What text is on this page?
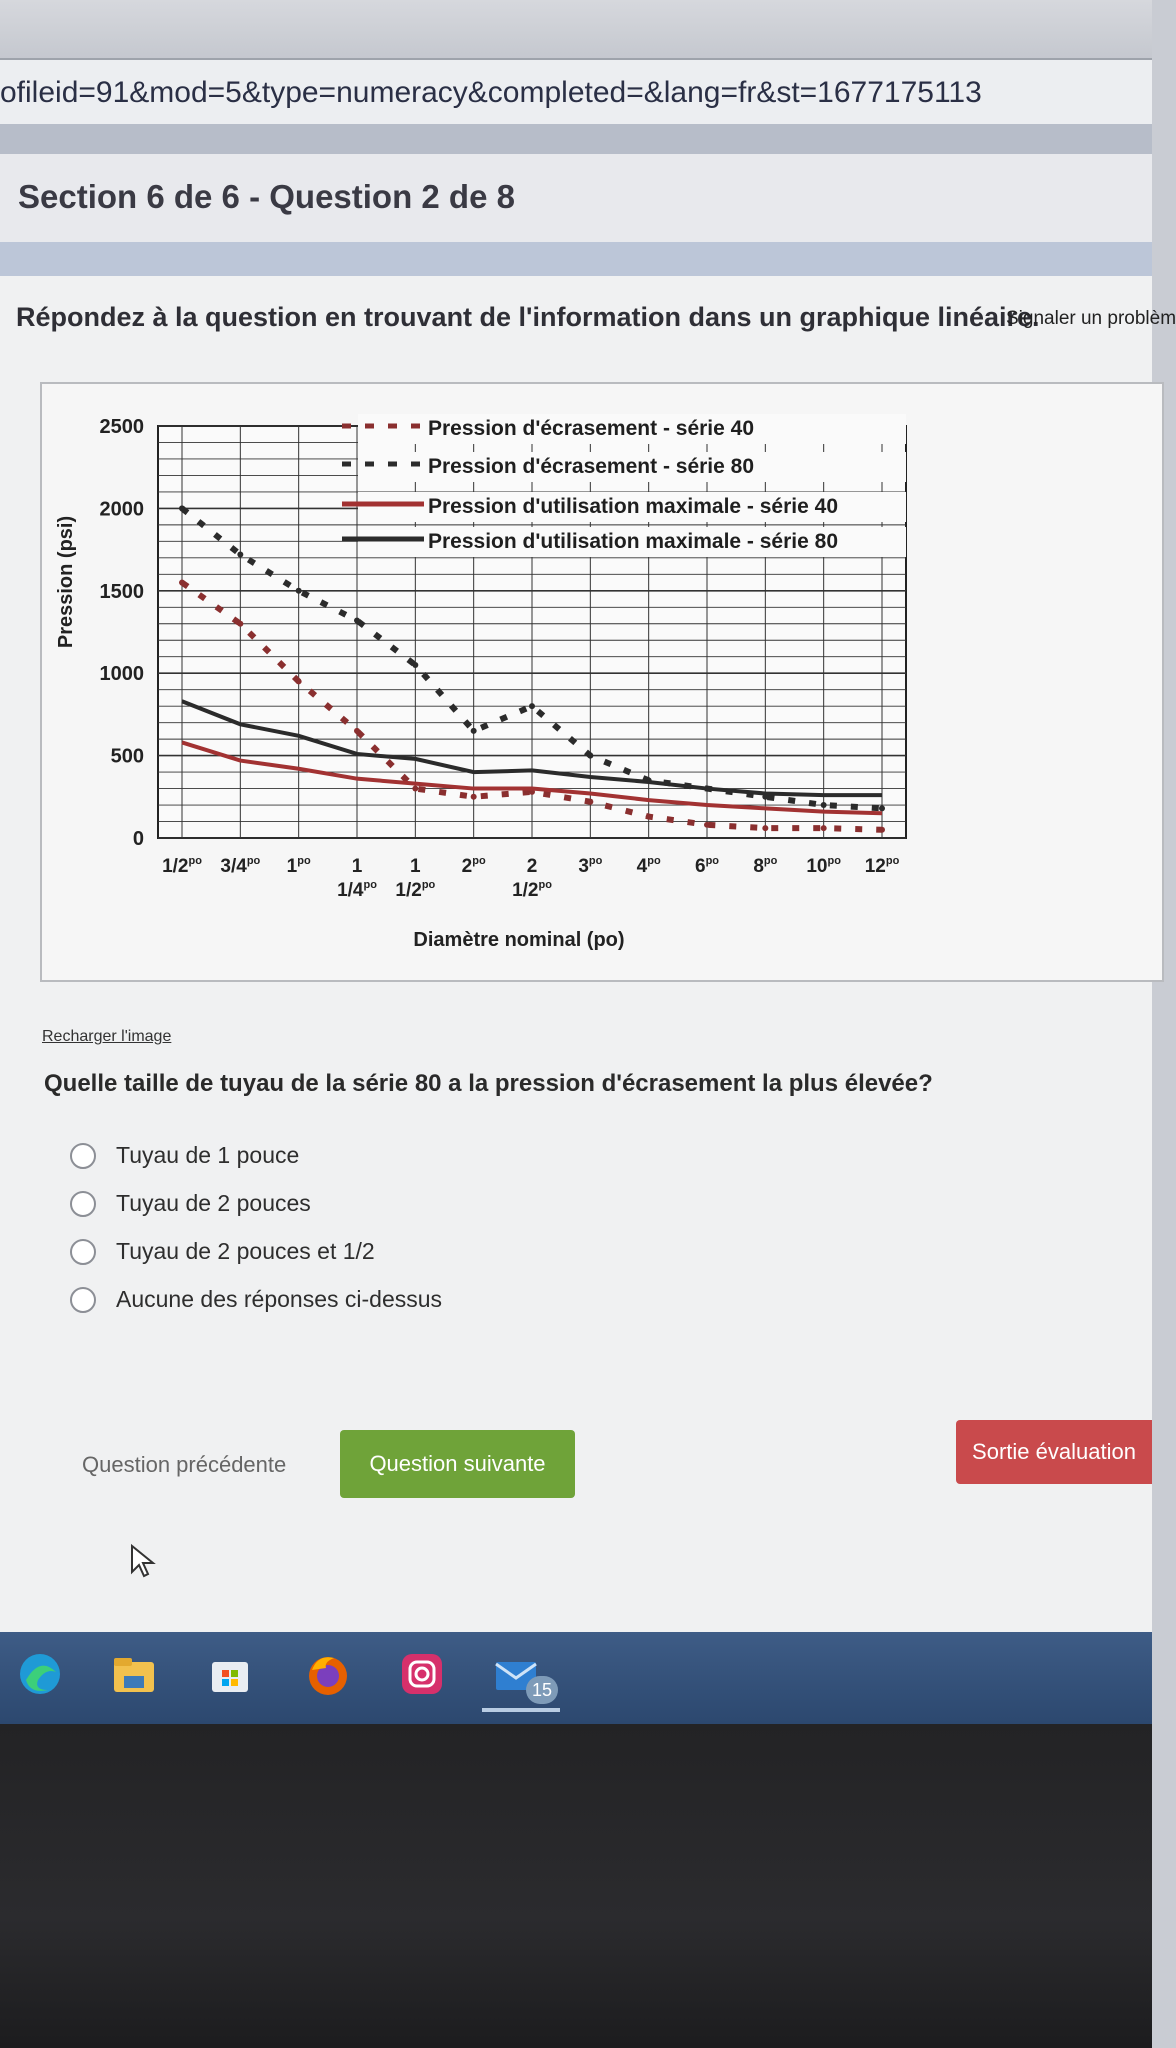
ofileid=91&mod=5&type=numeracy&completed=&lang=fr&st=1677175113
Section 6 de 6 - Question 2 de 8
Répondez à la question en trouvant de l'information dans un graphique linéaire.
Signaler un problèm
0
500
1000
1500
2000
2500
$1/2^{po}$ $3/4^{po}$ $1^{po}$ 1
$1/4^{po}$
1
$1/2^{po}$
$2^{po}$ 2
$1/2^{po}$
$3^{po}$ $4^{po}$ $6^{po}$ $8^{po}$ $10^{po}$ $12^{po}$
Pression d'écrasement - série 40
Pression d'écrasement - série 80
Pression d'utilisation maximale - série 40
Pression d'utilisation maximale - série 80
Pression (psi)
Diamètre nominal (po)
Recharger l'image
Quelle taille de tuyau de la série 80 a la pression d'écrasement la plus élevée?
Tuyau de 1 pouce
Tuyau de 2 pouces
Tuyau de 2 pouces et 1/2
Aucune des réponses ci-dessus
Question précédente	Question suivante	Sortie évaluation
15
